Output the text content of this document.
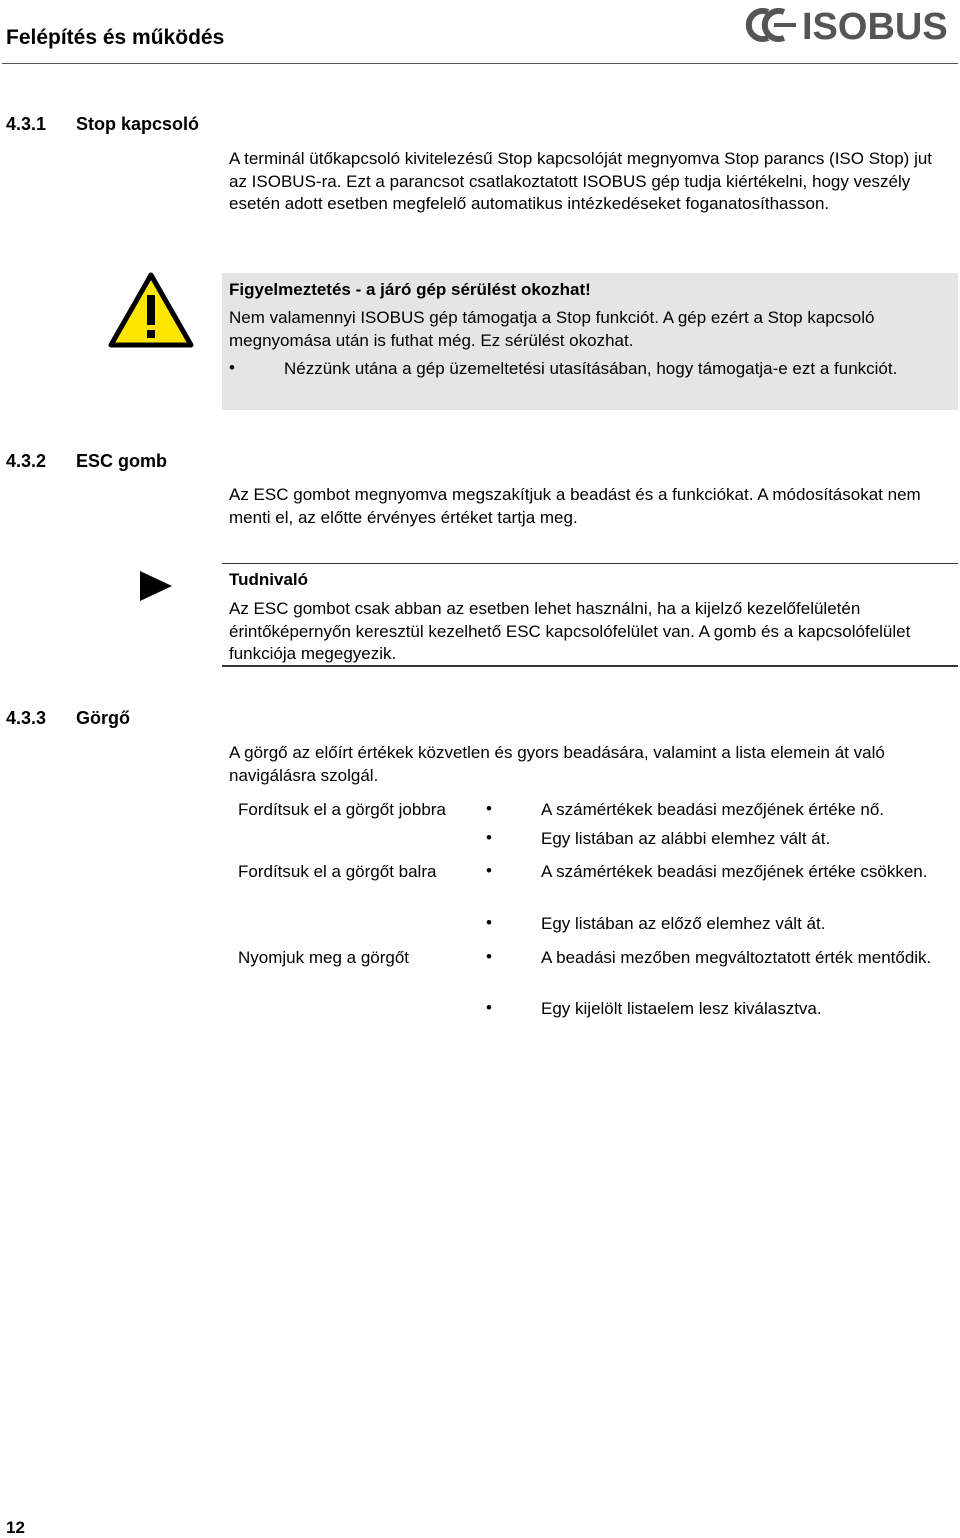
Felépítés és működés	ISOBUS
4.3.1 Stop kapcsoló

A terminál ütőkapcsoló kivitelezésű Stop kapcsolóját megnyomva Stop parancs (ISO Stop) jut az ISOBUS-ra. Ezt a parancsot csatlakoztatott ISOBUS gép tudja kiértékelni, hogy veszély esetén adott esetben megfelelő automatikus intézkedéseket foganatosíthasson.

Figyelmeztetés - a járó gép sérülést okozhat!
Nem valamennyi ISOBUS gép támogatja a Stop funkciót. A gép ezért a Stop kapcsoló megnyomása után is futhat még. Ez sérülést okozhat.
•	Nézzünk utána a gép üzemeltetési utasításában, hogy támogatja-e ezt a funkciót.
4.3.2 ESC gomb

Az ESC gombot megnyomva megszakítjuk a beadást és a funkciókat. A módosításokat nem menti el, az előtte érvényes értéket tartja meg.

Tudnivaló
Az ESC gombot csak abban az esetben lehet használni, ha a kijelző kezelőfelületén érintőképernyőn keresztül kezelhető ESC kapcsolófelület van. A gomb és a kapcsolófelület funkciója megegyezik.
4.3.3 Görgő

A görgő az előírt értékek közvetlen és gyors beadására, valamint a lista elemein át való navigálásra szolgál.

Fordítsuk el a görgőt jobbra	•	A számértékek beadási mezőjének értéke nő.
•	Egy listában az alábbi elemhez vált át.
Fordítsuk el a görgőt balra	•	A számértékek beadási mezőjének értéke csökken.
•	Egy listában az előző elemhez vált át.
Nyomjuk meg a görgőt	•	A beadási mezőben megváltoztatott érték mentődik.
•	Egy kijelölt listaelem lesz kiválasztva.
12
